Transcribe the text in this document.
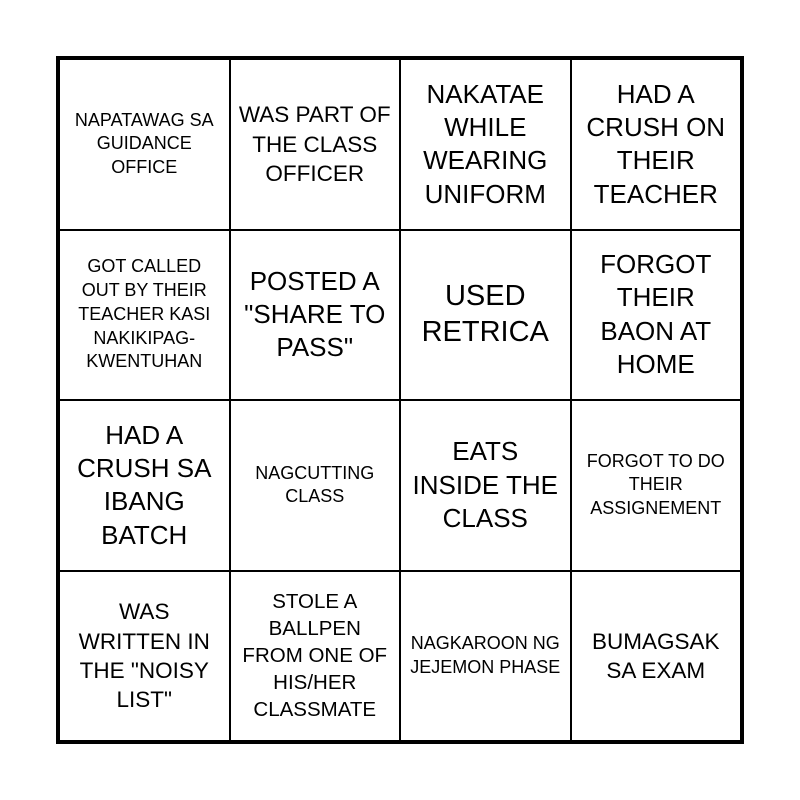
NAPATAWAG SA GUIDANCE OFFICE
WAS PART OF THE CLASS OFFICER
NAKATAE WHILE WEARING UNIFORM
HAD A CRUSH ON THEIR TEACHER
GOT CALLED OUT BY THEIR TEACHER KASI NAKIKIPAG-KWENTUHAN
POSTED A "SHARE TO PASS"
USED RETRICA
FORGOT THEIR BAON AT HOME
HAD A CRUSH SA IBANG BATCH
NAGCUTTING CLASS
EATS INSIDE THE CLASS
FORGOT TO DO THEIR ASSIGNEMENT
WAS WRITTEN IN THE "NOISY LIST"
STOLE A BALLPEN FROM ONE OF HIS/HER CLASSMATE
NAGKAROON NG JEJEMON PHASE
BUMAGSAK SA EXAM
